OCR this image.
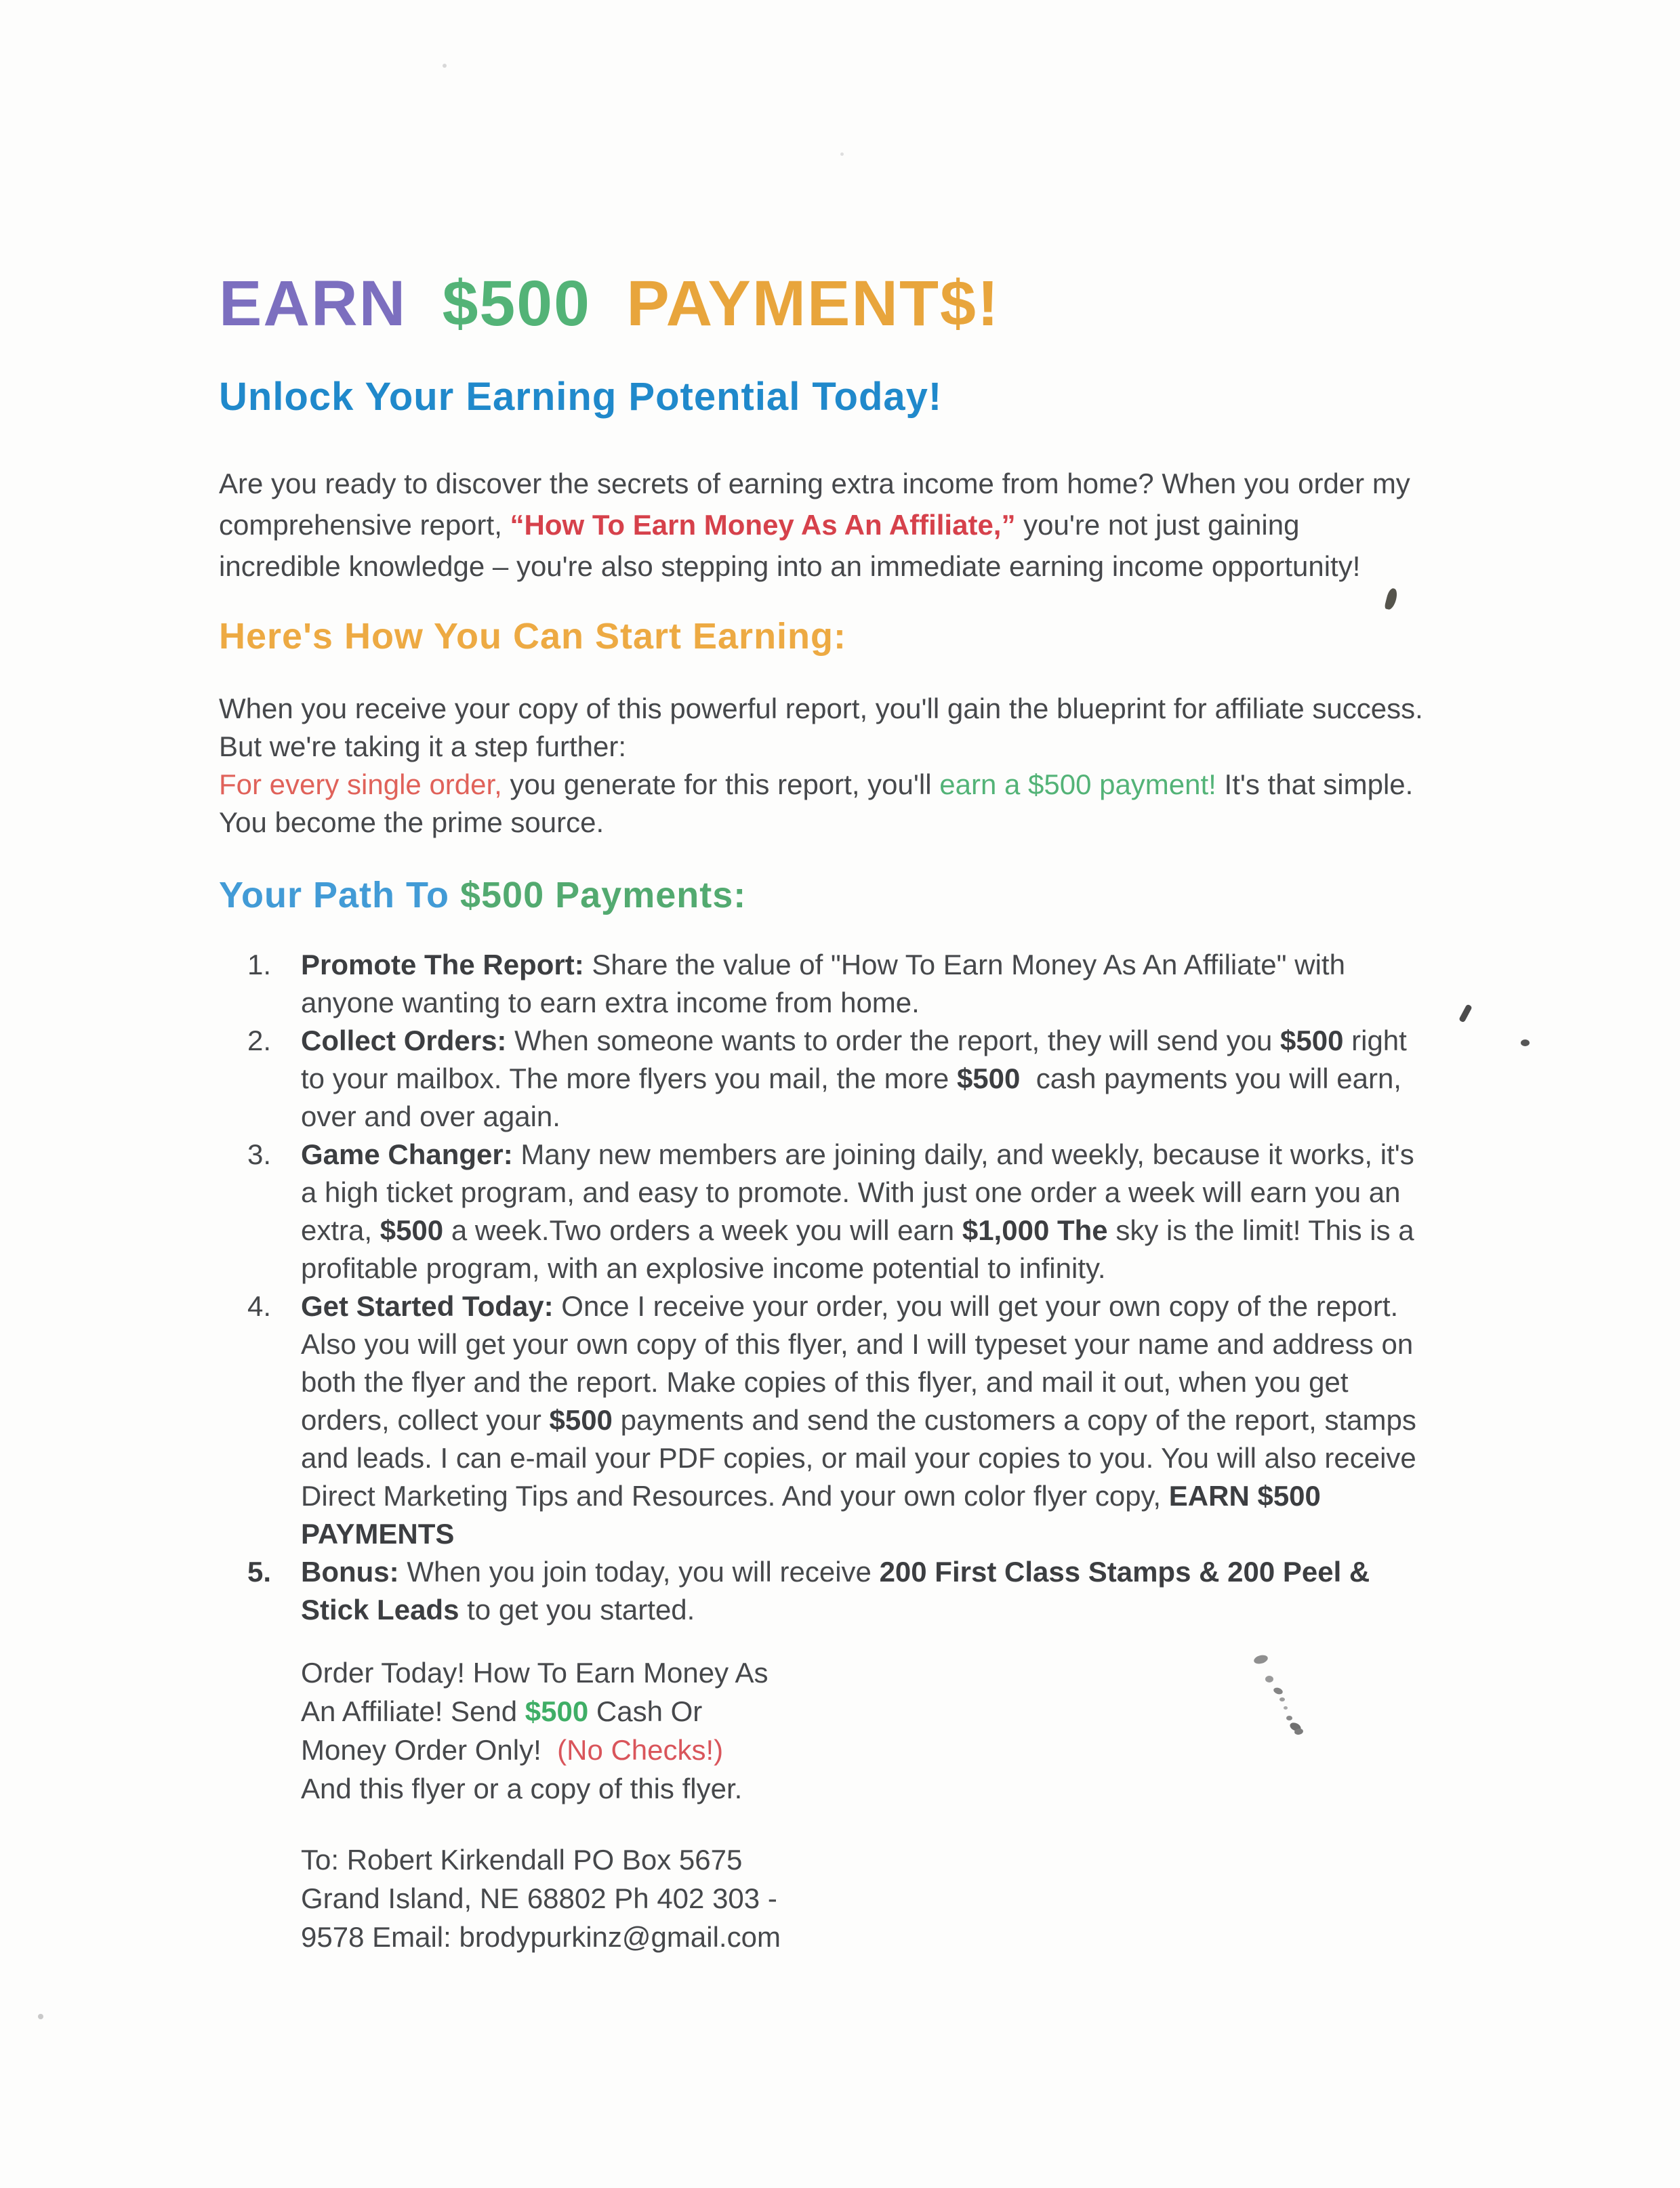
EARN $500 PAYMENT$!
Unlock Your Earning Potential Today!
Are you ready to discover the secrets of earning extra income from home? When you order my
comprehensive report, “How To Earn Money As An Affiliate,” you're not just gaining
incredible knowledge – you're also stepping into an immediate earning income opportunity!
Here's How You Can Start Earning:
When you receive your copy of this powerful report, you'll gain the blueprint for affiliate success.
But we're taking it a step further:
For every single order, you generate for this report, you'll earn a $500 payment! It's that simple.
You become the prime source.
Your Path To $500 Payments:
1.	Promote The Report: Share the value of "How To Earn Money As An Affiliate" with
anyone wanting to earn extra income from home.
2.	Collect Orders: When someone wants to order the report, they will send you $500 right
to your mailbox. The more flyers you mail, the more $500  cash payments you will earn,
over and over again.
3.	Game Changer: Many new members are joining daily, and weekly, because it works, it's
a high ticket program, and easy to promote. With just one order a week will earn you an
extra, $500 a week.Two orders a week you will earn $1,000 The sky is the limit! This is a
profitable program, with an explosive income potential to infinity.
4.	Get Started Today: Once I receive your order, you will get your own copy of the report.
Also you will get your own copy of this flyer, and I will typeset your name and address on
both the flyer and the report. Make copies of this flyer, and mail it out, when you get
orders, collect your $500 payments and send the customers a copy of the report, stamps
and leads. I can e-mail your PDF copies, or mail your copies to you. You will also receive
Direct Marketing Tips and Resources. And your own color flyer copy, EARN $500
PAYMENTS
5.	Bonus: When you join today, you will receive 200 First Class Stamps & 200 Peel &
Stick Leads to get you started.
Order Today! How To Earn Money As
An Affiliate! Send $500 Cash Or
Money Order Only!  (No Checks!)
And this flyer or a copy of this flyer.
To: Robert Kirkendall PO Box 5675
Grand Island, NE 68802 Ph 402 303 -
9578 Email: brodypurkinz@gmail.com
